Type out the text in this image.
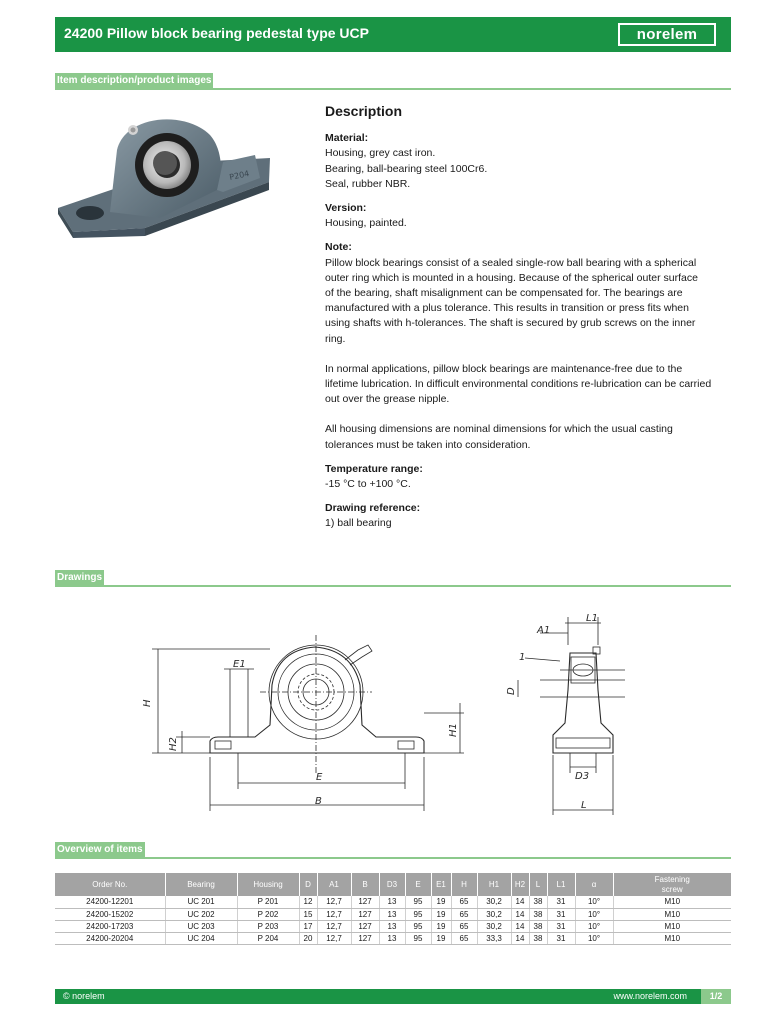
24200 Pillow block bearing pedestal type UCP	norelem
Item description/product images
P204
Description
Material:

Housing, grey cast iron.
Bearing, ball-bearing steel 100Cr6.
Seal, rubber NBR.

Version:

Housing, painted.

Note:

Pillow block bearings consist of a sealed single-row ball bearing with a spherical
outer ring which is mounted in a housing. Because of the spherical outer surface
of the bearing, shaft misalignment can be compensated for. The bearings are
manufactured with a plus tolerance. This results in transition or press fits when
using shafts with h-tolerances. The shaft is secured by grub screws on the inner
ring.

In normal applications, pillow block bearings are maintenance-free due to the
lifetime lubrication. In difficult environmental conditions re-lubrication can be carried
out over the grease nipple.

All housing dimensions are nominal dimensions for which the usual casting
tolerances must be taken into consideration.

Temperature range:

-15 °C to +100 °C.

Drawing reference:

1) ball bearing

Drawings
E1
H
H2
H1
E
B
A1
L1
1
D
D3
L
Overview of items
Order No.	Bearing	Housing	D	A1	B	D3	E	E1	H	H1	H2	L	L1	α	Fastening
screw
24200-12201	UC 201	P 201	12	12,7	127	13	95	19	65	30,2	14	38	31	10°	M10
24200-15202	UC 202	P 202	15	12,7	127	13	95	19	65	30,2	14	38	31	10°	M10
24200-17203	UC 203	P 203	17	12,7	127	13	95	19	65	30,2	14	38	31	10°	M10
24200-20204	UC 204	P 204	20	12,7	127	13	95	19	65	33,3	14	38	31	10°	M10
© norelem	www.norelem.com	1/2
